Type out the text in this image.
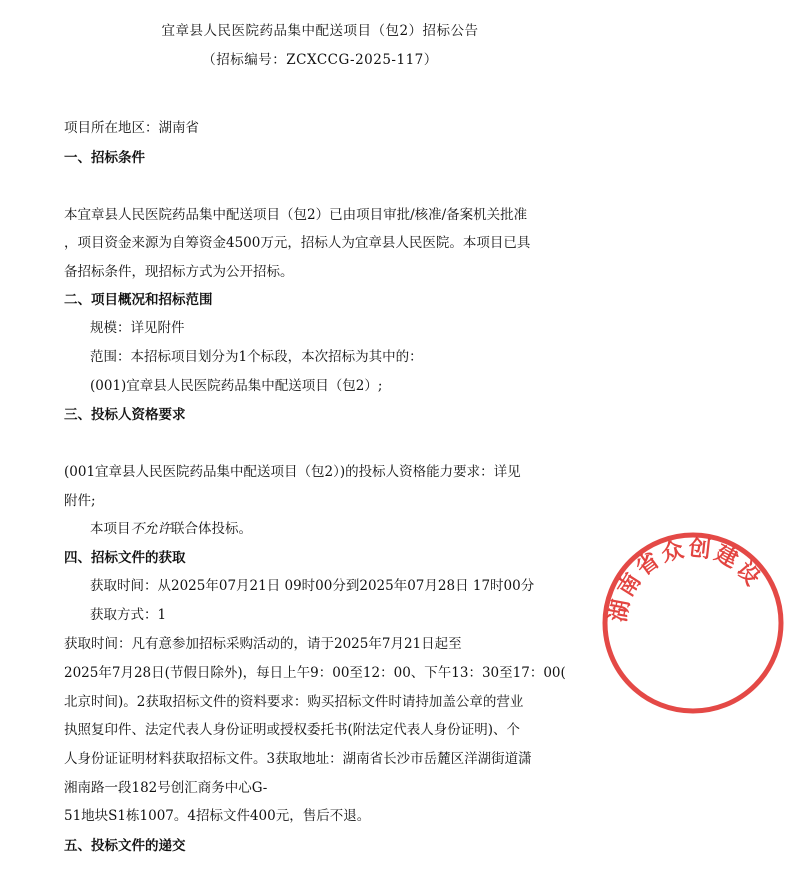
宜章县人民医院药品集中配送项目（包2）招标公告
（招标编号：ZCXCCG-2025-117）
项目所在地区：湖南省
一、招标条件
本宜章县人民医院药品集中配送项目（包2）已由项目审批/核准/备案机关批准
，项目资金来源为自筹资金4500万元，招标人为宜章县人民医院。本项目已具
备招标条件，现招标方式为公开招标。
二、项目概况和招标范围
规模：详见附件
范围：本招标项目划分为1个标段，本次招标为其中的：
(001)宜章县人民医院药品集中配送项目（包2）;
三、投标人资格要求
(001宜章县人民医院药品集中配送项目（包2）)的投标人资格能力要求：详见
附件;
本项目不允许联合体投标。
四、招标文件的获取
获取时间：从2025年07月21日 09时00分到2025年07月28日 17时00分
获取方式：1
获取时间：凡有意参加招标采购活动的，请于2025年7月21日起至
2025年7月28日(节假日除外)，每日上午9：00至12：00、下午13：30至17：00(
北京时间)。2获取招标文件的资料要求：购买招标文件时请持加盖公章的营业
执照复印件、法定代表人身份证明或授权委托书(附法定代表人身份证明)、个
人身份证证明材料获取招标文件。3获取地址：湖南省长沙市岳麓区洋湖街道潇
湘南路一段182号创汇商务中心G-
51地块S1栋1007。4招标文件400元，售后不退。
五、投标文件的递交
湖南省众创建设
